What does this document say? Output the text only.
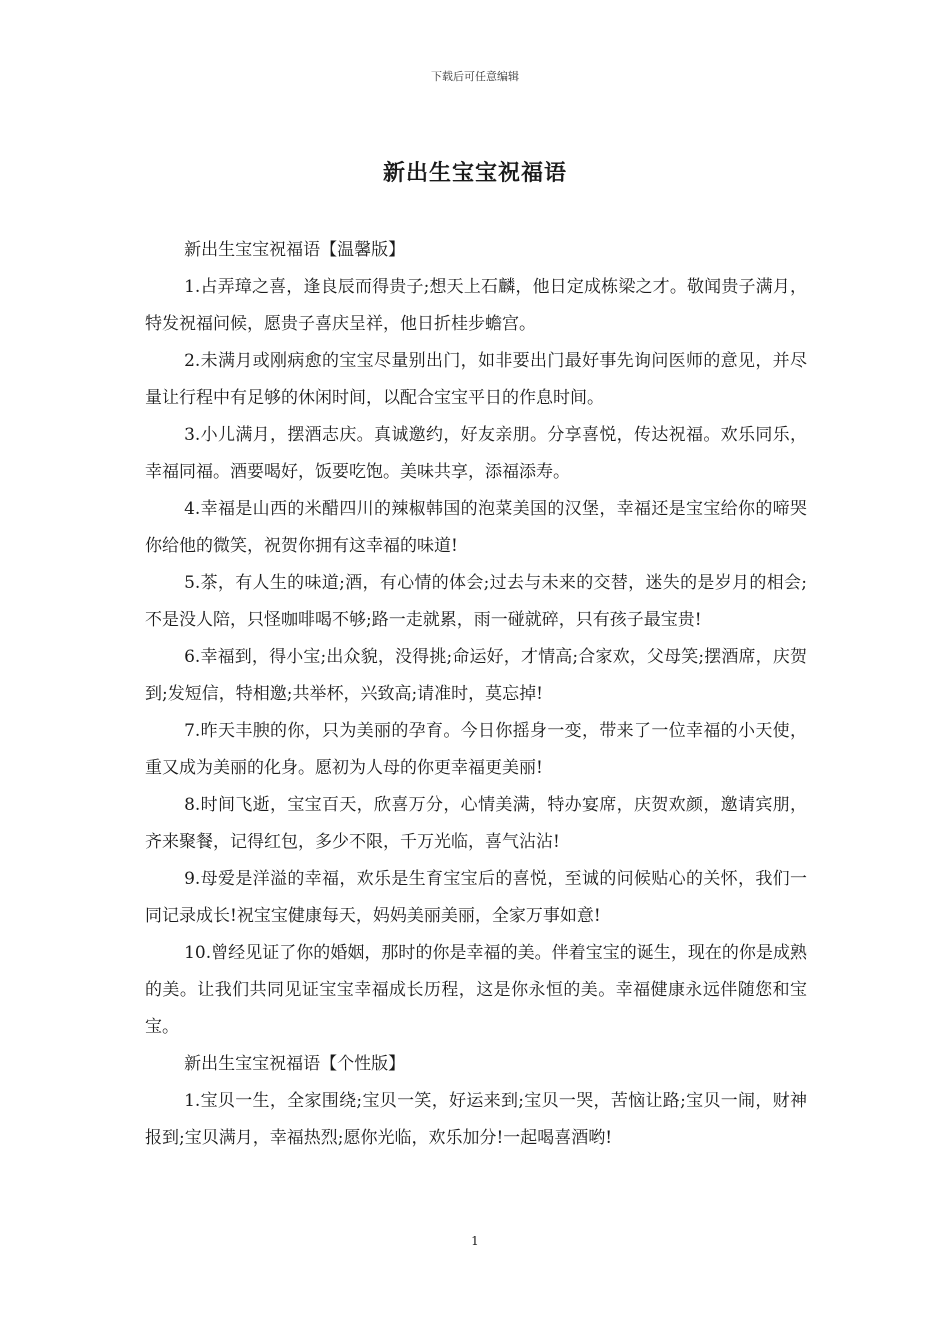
下载后可任意编辑
新出生宝宝祝福语

新出生宝宝祝福语【温馨版】

1.占弄璋之喜，逢良辰而得贵子;想天上石麟，他日定成栋梁之才。敬闻贵子满月，特发祝福问候，愿贵子喜庆呈祥，他日折桂步蟾宫。

2.未满月或刚病愈的宝宝尽量别出门，如非要出门最好事先询问医师的意见，并尽量让行程中有足够的休闲时间，以配合宝宝平日的作息时间。

3.小儿满月，摆酒志庆。真诚邀约，好友亲朋。分享喜悦，传达祝福。欢乐同乐，幸福同福。酒要喝好，饭要吃饱。美味共享，添福添寿。

4.幸福是山西的米醋四川的辣椒韩国的泡菜美国的汉堡，幸福还是宝宝给你的啼哭你给他的微笑，祝贺你拥有这幸福的味道!

5.茶，有人生的味道;酒，有心情的体会;过去与未来的交替，迷失的是岁月的相会;不是没人陪，只怪咖啡喝不够;路一走就累，雨一碰就碎，只有孩子最宝贵!

6.幸福到，得小宝;出众貌，没得挑;命运好，才情高;合家欢，父母笑;摆酒席，庆贺到;发短信，特相邀;共举杯，兴致高;请准时，莫忘掉!

7.昨天丰腴的你，只为美丽的孕育。今日你摇身一变，带来了一位幸福的小天使，重又成为美丽的化身。愿初为人母的你更幸福更美丽!

8.时间飞逝，宝宝百天，欣喜万分，心情美满，特办宴席，庆贺欢颜，邀请宾朋，齐来聚餐，记得红包，多少不限，千万光临，喜气沾沾!

9.母爱是洋溢的幸福，欢乐是生育宝宝后的喜悦，至诚的问候贴心的关怀，我们一同记录成长!祝宝宝健康每天，妈妈美丽美丽，全家万事如意!

10.曾经见证了你的婚姻，那时的你是幸福的美。伴着宝宝的诞生，现在的你是成熟的美。让我们共同见证宝宝幸福成长历程，这是你永恒的美。幸福健康永远伴随您和宝宝。

新出生宝宝祝福语【个性版】

1.宝贝一生，全家围绕;宝贝一笑，好运来到;宝贝一哭，苦恼让路;宝贝一闹，财神报到;宝贝满月，幸福热烈;愿你光临，欢乐加分!一起喝喜酒哟!

1
